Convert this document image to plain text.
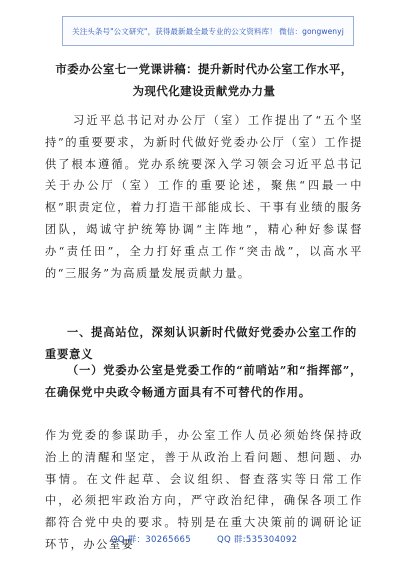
关注头条号"公文研究"，获得最新最全最专业的公文资料库！ 微信：gongwenyj
市委办公室七一党课讲稿：提升新时代办公室工作水平，
为现代化建设贡献党办力量

习近平总书记对办公厅（室）工作提出了“五个坚持”的重要要求，为新时代做好党委办公厅（室）工作提供了根本遵循。党办系统要深入学习领会习近平总书记关于办公厅（室）工作的重要论述，聚焦“四最一中枢”职责定位，着力打造干部能成长、干事有业绩的服务团队，竭诚守护统筹协调“主阵地”，精心种好参谋督办“责任田”，全力打好重点工作“突击战”，以高水平的“三服务”为高质量发展贡献力量。

一、提高站位，深刻认识新时代做好党委办公室工作的重要意义

（一）党委办公室是党委工作的“前哨站”和“指挥部”，在确保党中央政令畅通方面具有不可替代的作用。

作为党委的参谋助手，办公室工作人员必须始终保持政治上的清醒和坚定，善于从政治上看问题、想问题、办事情。在文件起草、会议组织、督查落实等日常工作中，必须把牢政治方向，严守政治纪律，确保各项工作都符合党中央的要求。特别是在重大决策前的调研论证环节，办公室要

QQ 群：30265665	QQ 群:535304092
